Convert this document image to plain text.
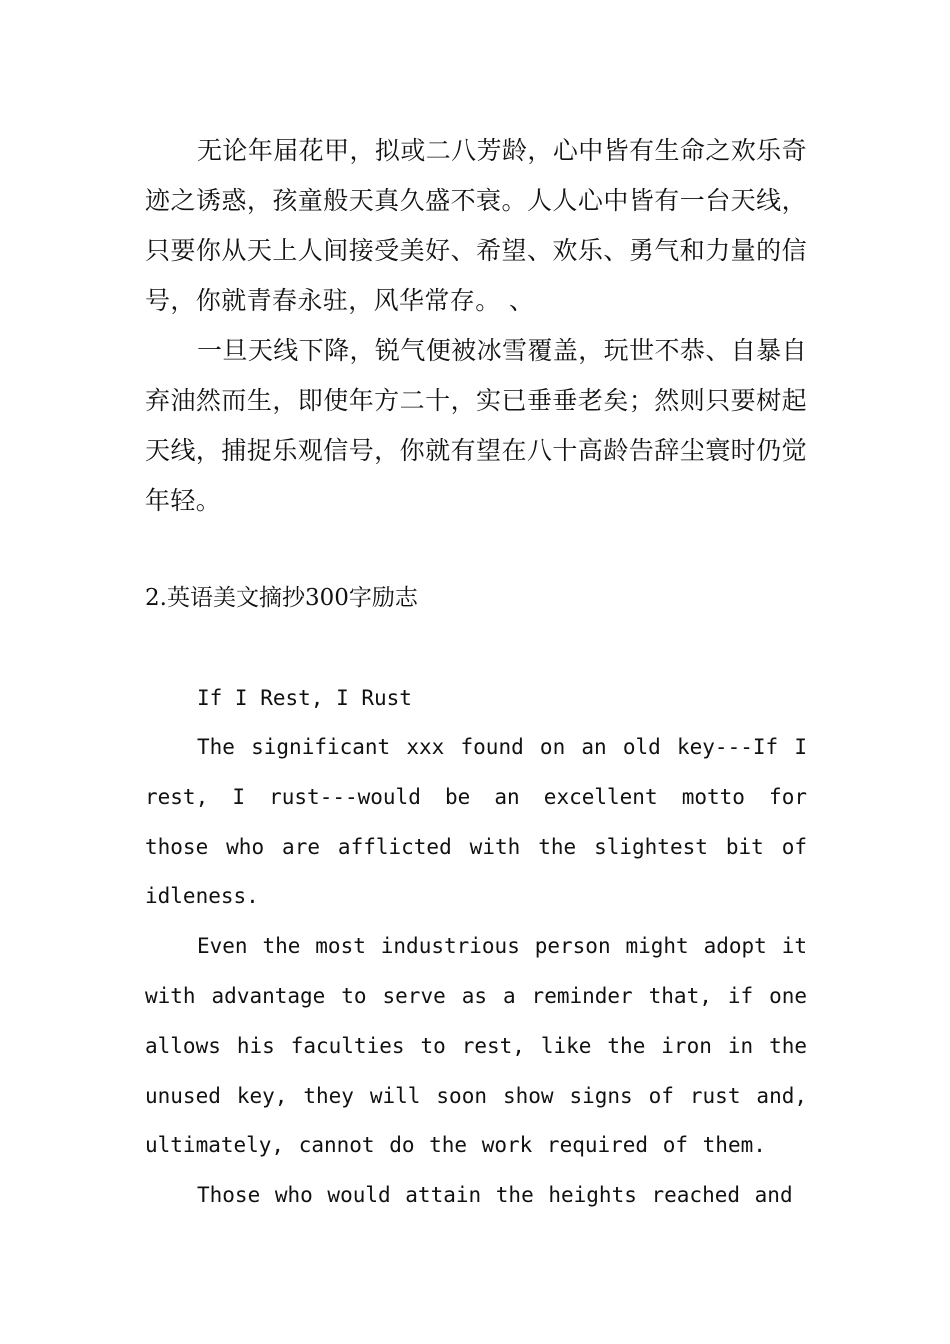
无论年届花甲，拟或二八芳龄，心中皆有生命之欢乐奇迹之诱惑，孩童般天真久盛不衰。人人心中皆有一台天线，只要你从天上人间接受美好、希望、欢乐、勇气和力量的信号，你就青春永驻，风华常存。 、

一旦天线下降，锐气便被冰雪覆盖，玩世不恭、自暴自弃油然而生，即使年方二十，实已垂垂老矣；然则只要树起天线，捕捉乐观信号，你就有望在八十高龄告辞尘寰时仍觉年轻。

2.英语美文摘抄300字励志

If I Rest, I Rust

The significant xxx found on an old key---If I rest, I rust---would be an excellent motto for those who are afflicted with the slightest bit of idleness.

Even the most industrious person might adopt it with advantage to serve as a reminder that, if one allows his faculties to rest, like the iron in the unused key, they will soon show signs of rust and, ultimately, cannot do the work required of them.

Those who would attain the heights reached and
